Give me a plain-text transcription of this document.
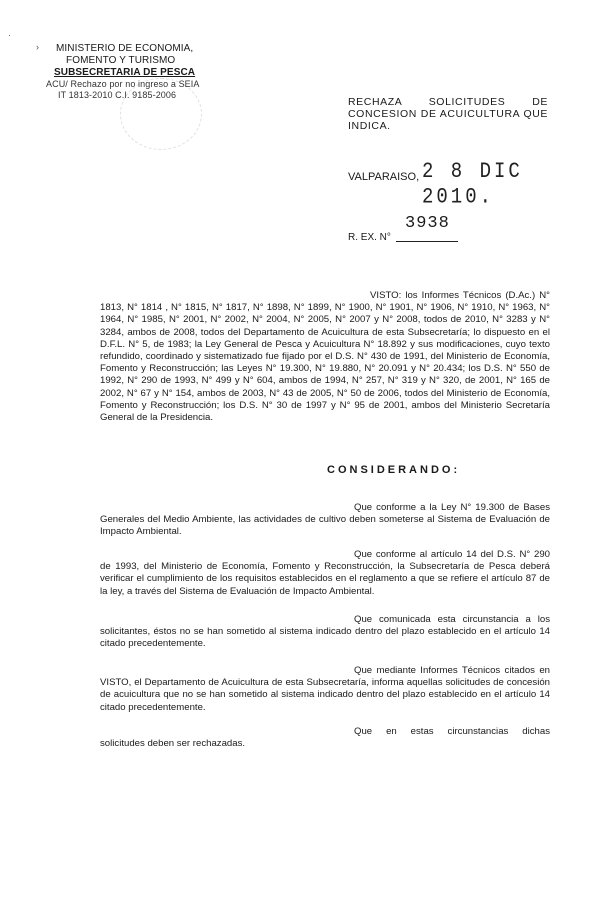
·
›	MINISTERIO DE ECONOMIA,
FOMENTO Y TURISMO
SUBSECRETARIA DE PESCA
ACU/ Rechazo por no ingreso a SEIA
IT 1813-2010 C.I. 9185-2006
RECHAZA SOLICITUDES DE CONCESION DE ACUICULTURA QUE INDICA.
VALPARAISO, 2 8 DIC 2010.
R. EX. N°
3938
VISTO: los Informes Técnicos (D.Ac.) N° 1813, N° 1814 , N° 1815, N° 1817, N° 1898, N° 1899, N° 1900, N° 1901, N° 1906, N° 1910, N° 1963, N° 1964, N° 1985, N° 2001, N° 2002, N° 2004, N° 2005, N° 2007 y N° 2008, todos de 2010, N° 3283 y N° 3284, ambos de 2008, todos del Departamento de Acuicultura de esta Subsecretaría; lo dispuesto en el D.F.L. N° 5, de 1983; la Ley General de Pesca y Acuicultura N° 18.892 y sus modificaciones, cuyo texto refundido, coordinado y sistematizado fue fijado por el D.S. N° 430 de 1991, del Ministerio de Economía, Fomento y Reconstrucción; las Leyes N° 19.300, N° 19.880, N° 20.091 y N° 20.434; los D.S. N° 550 de 1992, N° 290 de 1993, N° 499 y N° 604, ambos de 1994, N° 257, N° 319 y N° 320, de 2001, N° 165 de 2002, N° 67 y N° 154, ambos de 2003, N° 43 de 2005, N° 50 de 2006, todos del Ministerio de Economía, Fomento y Reconstrucción; los D.S. N° 30 de 1997 y N° 95 de 2001, ambos del Ministerio Secretaría General de la Presidencia.
CONSIDERANDO:
Que conforme a la Ley N° 19.300 de Bases Generales del Medio Ambiente, las actividades de cultivo deben someterse al Sistema de Evaluación de Impacto Ambiental.
Que conforme al artículo 14 del D.S. N° 290 de 1993, del Ministerio de Economía, Fomento y Reconstrucción, la Subsecretaría de Pesca deberá verificar el cumplimiento de los requisitos establecidos en el reglamento a que se refiere el artículo 87 de la ley, a través del Sistema de Evaluación de Impacto Ambiental.
Que comunicada esta circunstancia a los solicitantes, éstos no se han sometido al sistema indicado dentro del plazo establecido en el artículo 14 citado precedentemente.
Que mediante Informes Técnicos citados en VISTO, el Departamento de Acuicultura de esta Subsecretaría, informa aquellas solicitudes de concesión de acuicultura que no se han sometido al sistema indicado dentro del plazo establecido en el artículo 14 citado precedentemente.
Que en estas circunstancias dichas solicitudes deben ser rechazadas.
